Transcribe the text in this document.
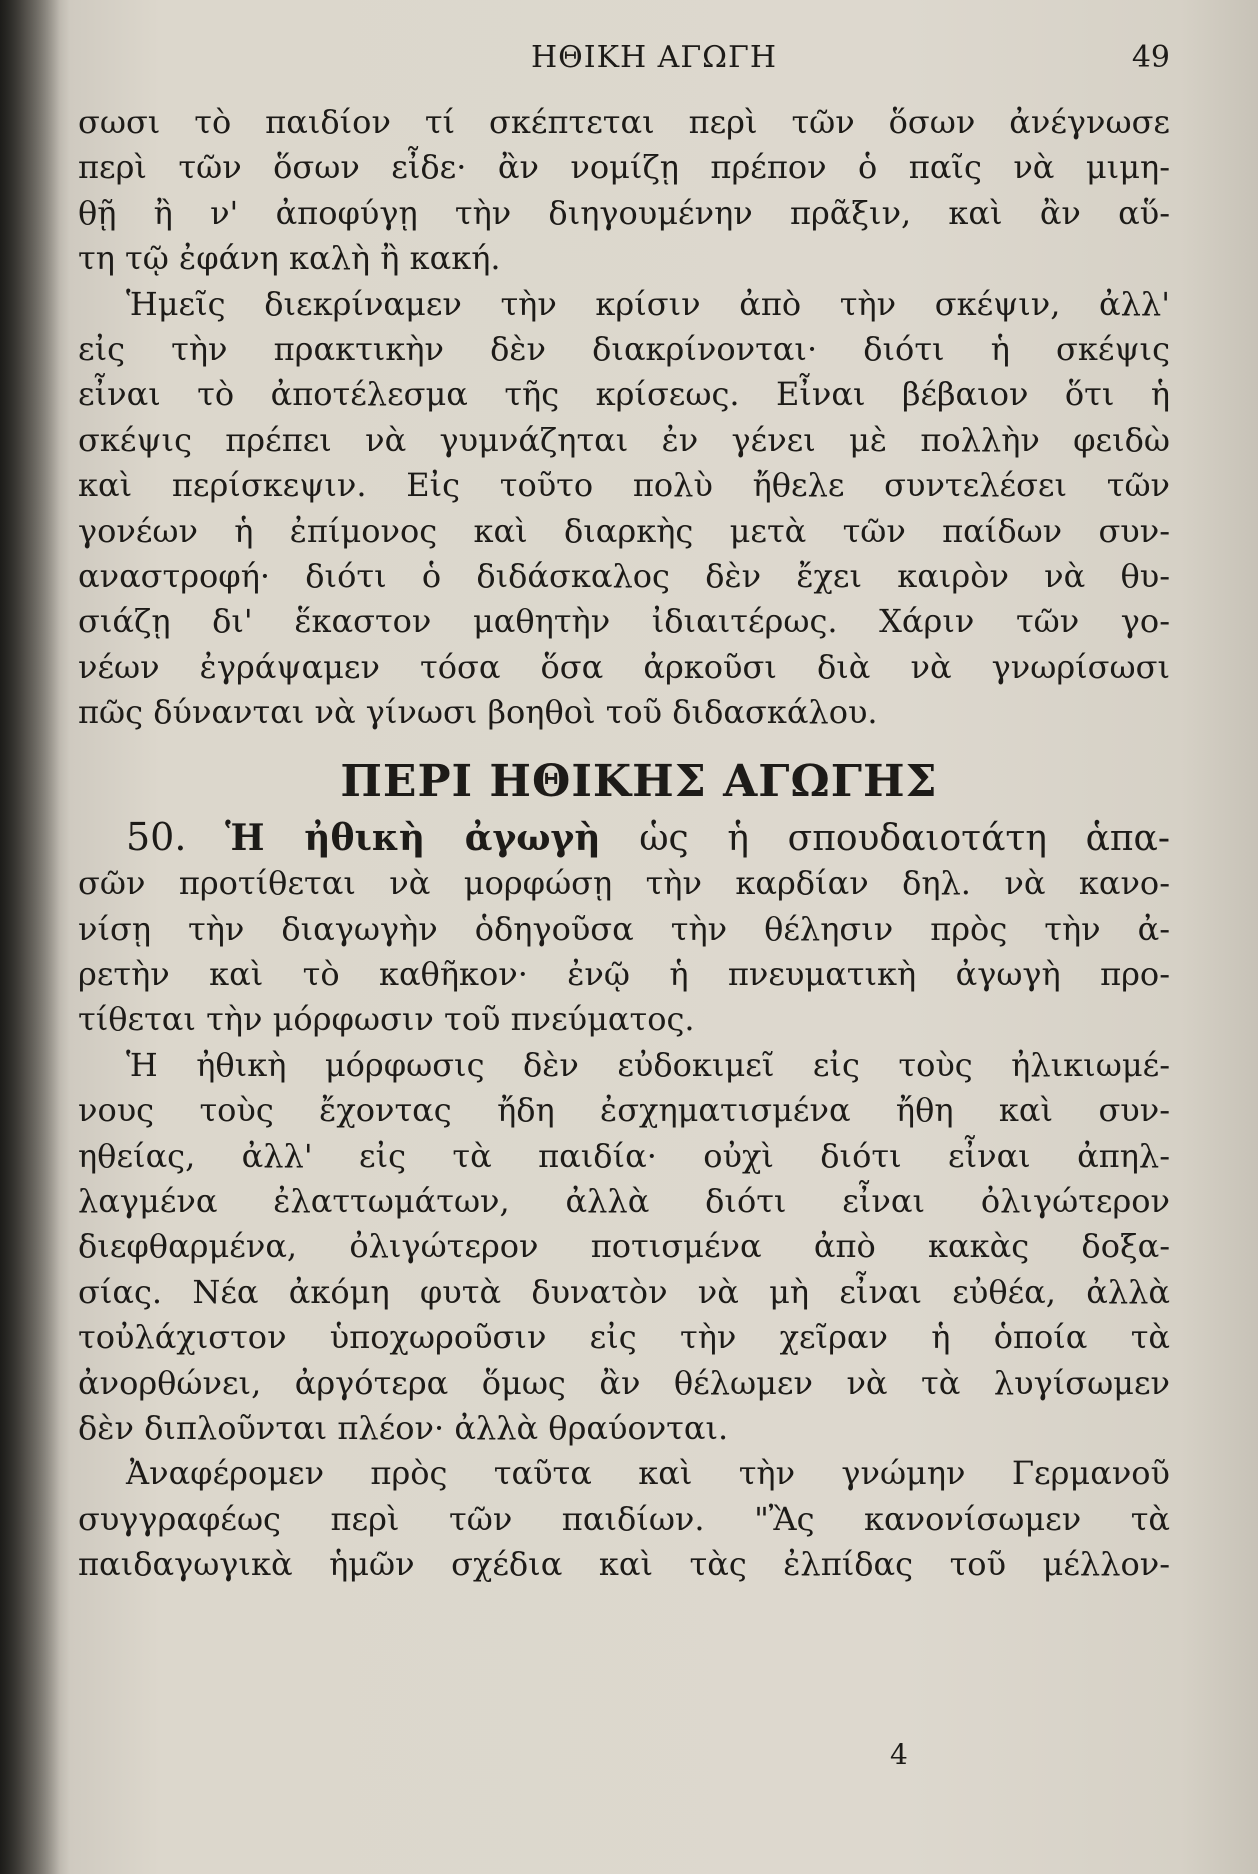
ΗΘΙΚΗ ΑΓΩΓΗ	49
σωσι τὸ παιδίον τί σκέπτεται περὶ τῶν ὅσων ἀνέγνωσε
περὶ τῶν ὅσων εἶδε· ἂν νομίζῃ πρέπον ὁ παῖς νὰ μιμη-
θῇ ἢ ν' ἀποφύγῃ τὴν διηγουμένην πρᾶξιν, καὶ ἂν αὕ-
τη τῷ ἐφάνη καλὴ ἢ κακή.
Ἡμεῖς διεκρίναμεν τὴν κρίσιν ἀπὸ τὴν σκέψιν, ἀλλ'
εἰς τὴν πρακτικὴν δὲν διακρίνονται· διότι ἡ σκέψις
εἶναι τὸ ἀποτέλεσμα τῆς κρίσεως. Εἶναι βέβαιον ὅτι ἡ
σκέψις πρέπει νὰ γυμνάζηται ἐν γένει μὲ πολλὴν φειδὼ
καὶ περίσκεψιν. Εἰς τοῦτο πολὺ ἤθελε συντελέσει τῶν
γονέων ἡ ἐπίμονος καὶ διαρκὴς μετὰ τῶν παίδων συν-
αναστροφή· διότι ὁ διδάσκαλος δὲν ἔχει καιρὸν νὰ θυ-
σιάζῃ δι' ἕκαστον μαθητὴν ἰδιαιτέρως. Χάριν τῶν γο-
νέων ἐγράψαμεν τόσα ὅσα ἀρκοῦσι διὰ νὰ γνωρίσωσι
πῶς δύνανται νὰ γίνωσι βοηθοὶ τοῦ διδασκάλου.
ΠΕΡΙ ΗΘΙΚΗΣ ΑΓΩΓΗΣ
50. Ἡ ἠθικὴ ἀγωγὴ ὡς ἡ σπουδαιοτάτη ἁπα-
σῶν προτίθεται νὰ μορφώσῃ τὴν καρδίαν δηλ. νὰ κανο-
νίσῃ τὴν διαγωγὴν ὁδηγοῦσα τὴν θέλησιν πρὸς τὴν ἀ-
ρετὴν καὶ τὸ καθῆκον· ἐνῷ ἡ πνευματικὴ ἀγωγὴ προ-
τίθεται τὴν μόρφωσιν τοῦ πνεύματος.
Ἡ ἠθικὴ μόρφωσις δὲν εὐδοκιμεῖ εἰς τοὺς ἠλικιωμέ-
νους τοὺς ἔχοντας ἤδη ἐσχηματισμένα ἤθη καὶ συν-
ηθείας, ἀλλ' εἰς τὰ παιδία· οὐχὶ διότι εἶναι ἀπηλ-
λαγμένα ἐλαττωμάτων, ἀλλὰ διότι εἶναι ὀλιγώτερον
διεφθαρμένα, ὀλιγώτερον ποτισμένα ἀπὸ κακὰς δοξα-
σίας. Νέα ἀκόμη φυτὰ δυνατὸν νὰ μὴ εἶναι εὐθέα, ἀλλὰ
τοὐλάχιστον ὑποχωροῦσιν εἰς τὴν χεῖραν ἡ ὁποία τὰ
ἀνορθώνει, ἀργότερα ὅμως ἂν θέλωμεν νὰ τὰ λυγίσωμεν
δὲν διπλοῦνται πλέον· ἀλλὰ θραύονται.
Ἀναφέρομεν πρὸς ταῦτα καὶ τὴν γνώμην Γερμανοῦ
συγγραφέως περὶ τῶν παιδίων. "Ἂς κανονίσωμεν τὰ
παιδαγωγικὰ ἡμῶν σχέδια καὶ τὰς ἐλπίδας τοῦ μέλλον-
4
